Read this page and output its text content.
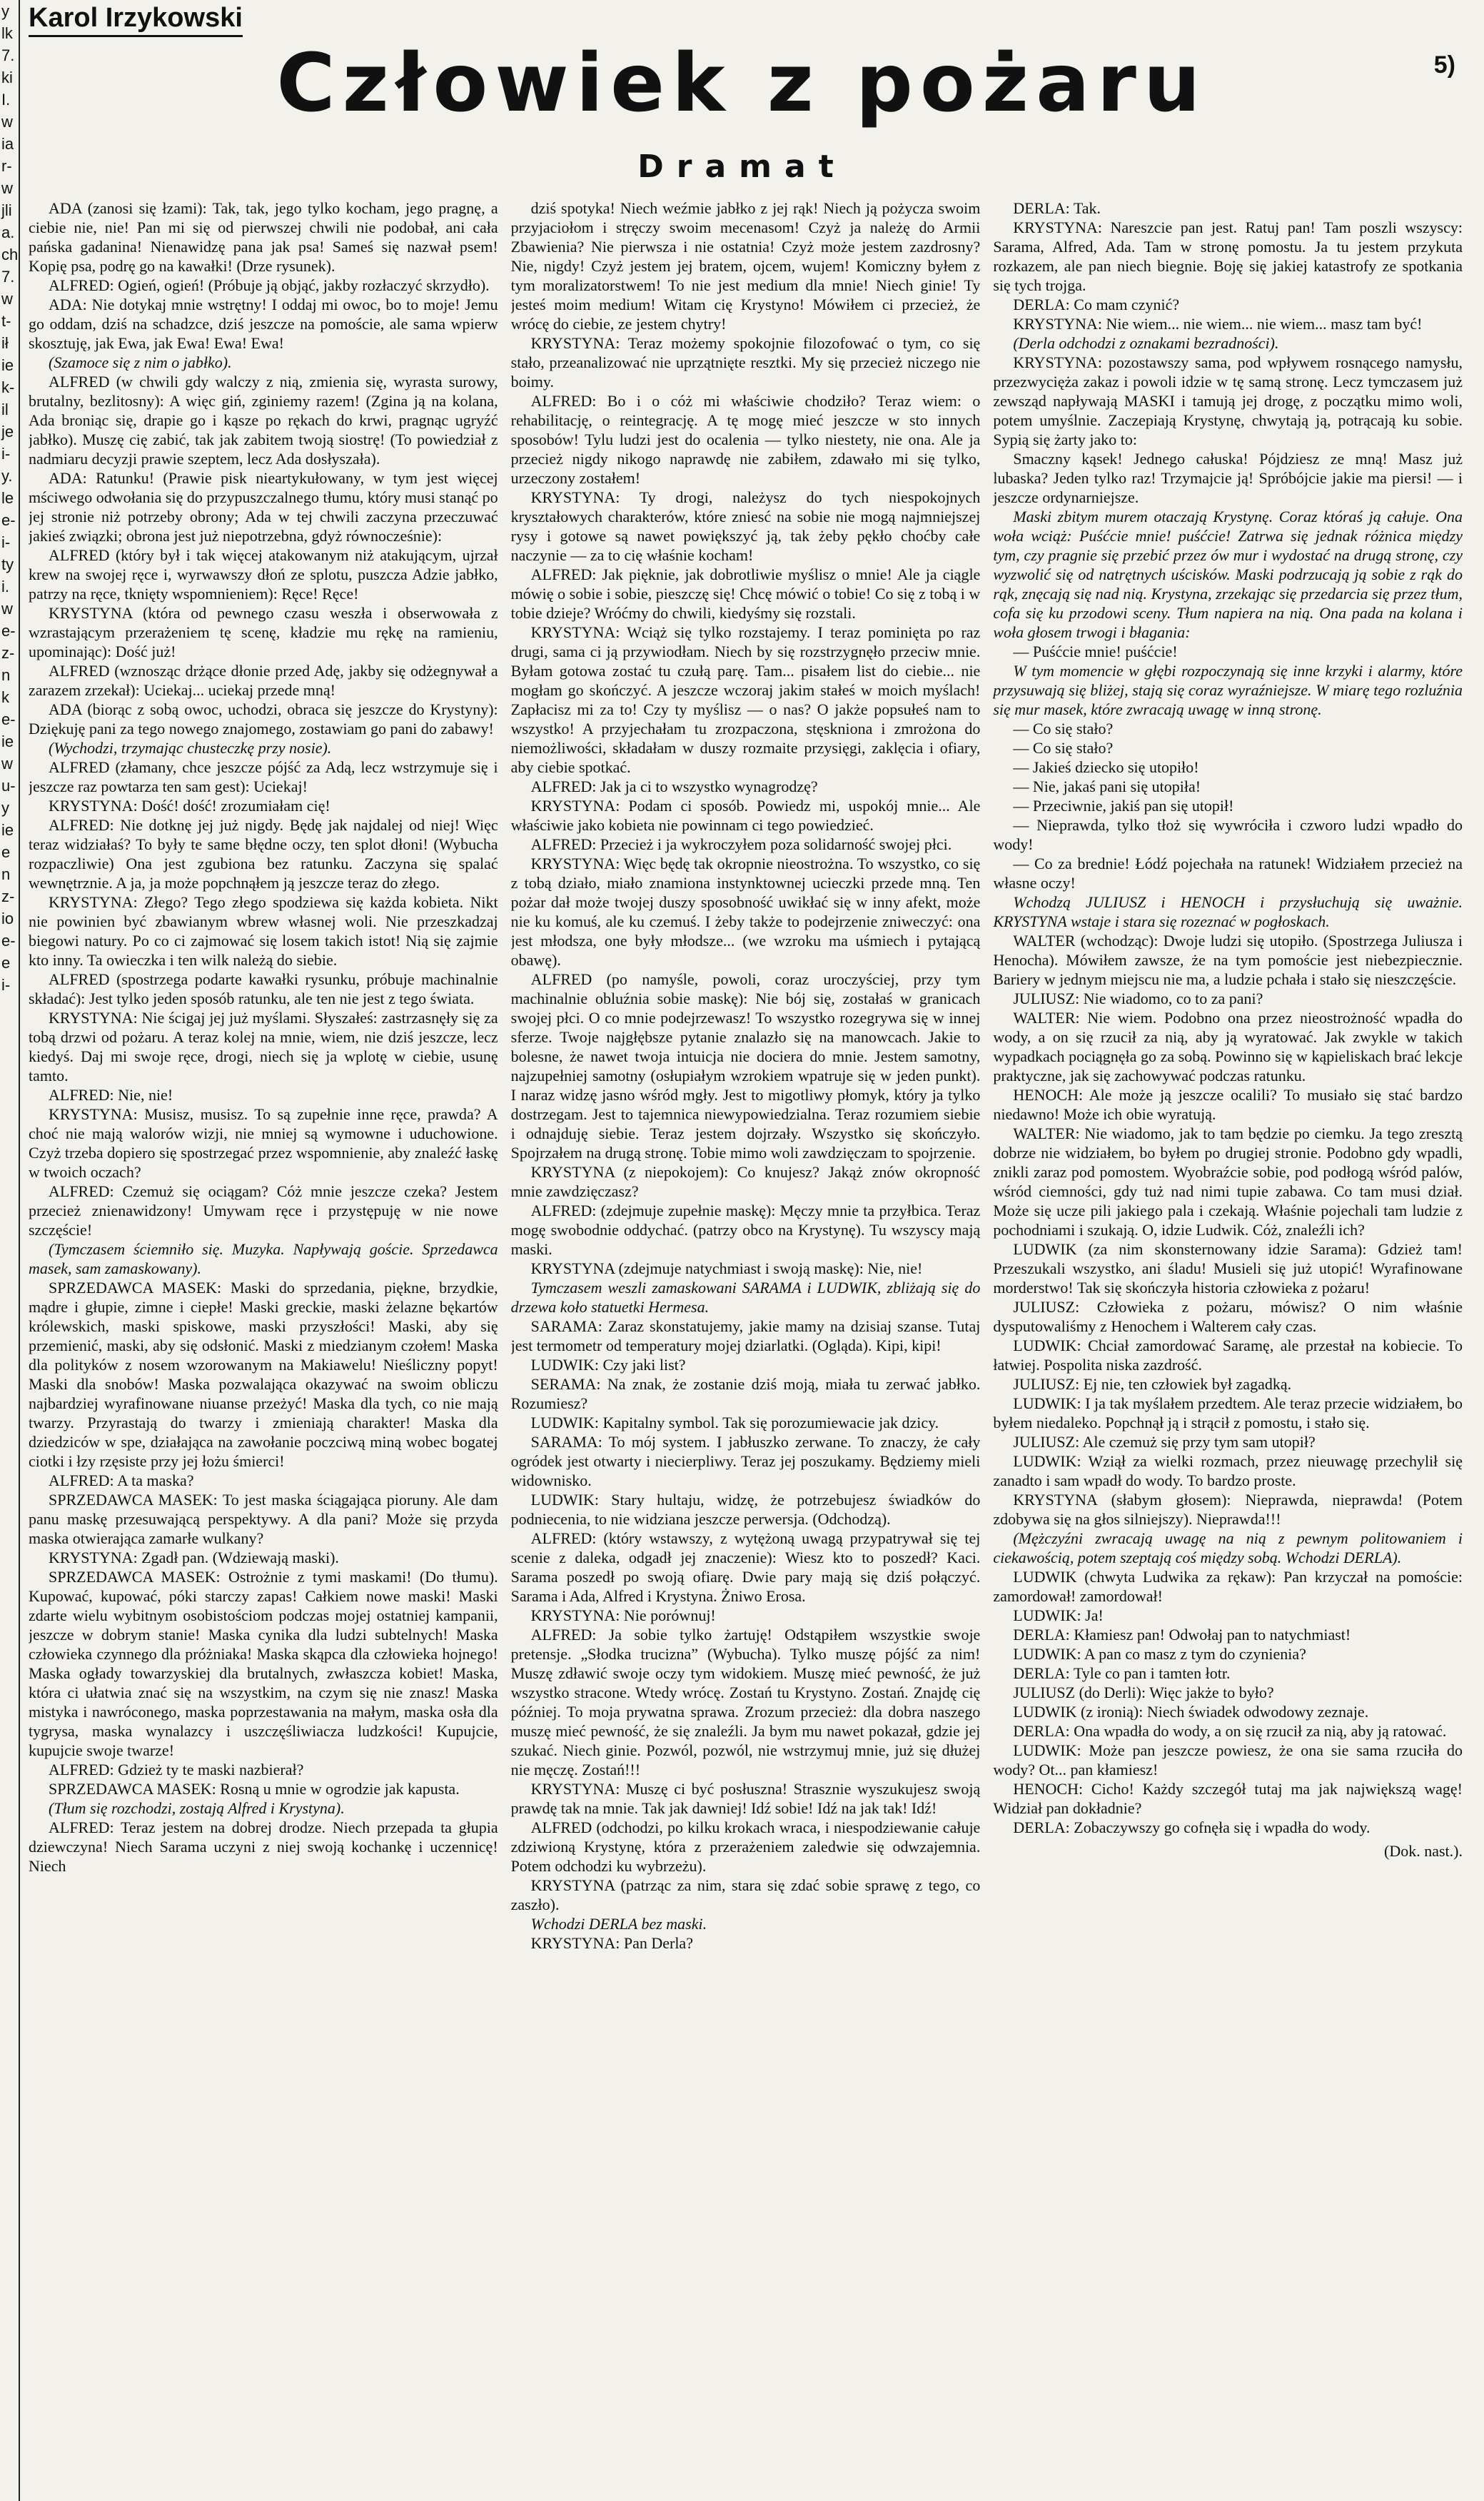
y
lk
7.
ki
I.
w
ia
r-
w
jli
a.
ch
7.
w
t-
ił
ie
k-
il
je
i-
y.
le
e-
i-
ty
i.
w
e-
z-
n
k
e-
ie
w
u-
y
ie
e
n
z-
io
e-
e
i-
Karol Irzykowski
5)
Człowiek z pożaru
Dramat

ADA (zanosi się łzami): Tak, tak, jego tylko kocham, jego pragnę, a ciebie nie, nie! Pan mi się od pierwszej chwili nie podobał, ani cała pańska gadanina! Nienawidzę pana jak psa! Sameś się nazwał psem! Kopię psa, podrę go na kawałki! (Drze rysunek).

ALFRED: Ogień, ogień! (Próbuje ją objąć, jakby rozłaczyć skrzydło).

ADA: Nie dotykaj mnie wstrętny! I oddaj mi owoc, bo to moje! Jemu go oddam, dziś na schadzce, dziś jeszcze na pomoście, ale sama wpierw skosztuję, jak Ewa, jak Ewa! Ewa! Ewa!

(Szamoce się z nim o jabłko).

ALFRED (w chwili gdy walczy z nią, zmienia się, wyrasta surowy, brutalny, bezlitosny): A więc giń, zginiemy razem! (Zgina ją na kolana, Ada broniąc się, drapie go i kąsze po rękach do krwi, pragnąc ugryźć jabłko). Muszę cię zabić, tak jak zabitem twoją siostrę! (To powiedział z nadmiaru decyzji prawie szeptem, lecz Ada dosłyszała).

ADA: Ratunku! (Prawie pisk nieartykułowany, w tym jest więcej mściwego odwołania się do przypuszczalnego tłumu, który musi stanąć po jej stronie niż potrzeby obrony; Ada w tej chwili zaczyna przeczuwać jakieś związki; obrona jest już niepotrzebna, gdyż równocześnie):

ALFRED (który był i tak więcej atakowanym niż atakującym, ujrzał krew na swojej ręce i, wyrwawszy dłoń ze splotu, puszcza Adzie jabłko, patrzy na ręce, tknięty wspomnieniem): Ręce! Ręce!

KRYSTYNA (która od pewnego czasu weszła i obserwowała z wzrastającym przerażeniem tę scenę, kładzie mu rękę na ramieniu, upominając): Dość już!

ALFRED (wznosząc drżące dłonie przed Adę, jakby się odżegnywał a zarazem zrzekał): Uciekaj... uciekaj przede mną!

ADA (biorąc z sobą owoc, uchodzi, obraca się jeszcze do Krystyny): Dziękuję pani za tego nowego znajomego, zostawiam go pani do zabawy!

(Wychodzi, trzymając chusteczkę przy nosie).

ALFRED (złamany, chce jeszcze pójść za Adą, lecz wstrzymuje się i jeszcze raz powtarza ten sam gest): Uciekaj!

KRYSTYNA: Dość! dość! zrozumiałam cię!

ALFRED: Nie dotknę jej już nigdy. Będę jak najdalej od niej! Więc teraz widziałaś? To były te same błędne oczy, ten splot dłoni! (Wybucha rozpaczliwie) Ona jest zgubiona bez ratunku. Zaczyna się spalać wewnętrznie. A ja, ja może popchnąłem ją jeszcze teraz do złego.

KRYSTYNA: Złego? Tego złego spodziewa się każda kobieta. Nikt nie powinien być zbawianym wbrew własnej woli. Nie przeszkadzaj biegowi natury. Po co ci zajmować się losem takich istot! Nią się zajmie kto inny. Ta owieczka i ten wilk należą do siebie.

ALFRED (spostrzega podarte kawałki rysunku, próbuje machinalnie składać): Jest tylko jeden sposób ratunku, ale ten nie jest z tego świata.

KRYSTYNA: Nie ścigaj jej już myślami. Słyszałeś: zastrzasnęły się za tobą drzwi od pożaru. A teraz kolej na mnie, wiem, nie dziś jeszcze, lecz kiedyś. Daj mi swoje ręce, drogi, niech się ja wplotę w ciebie, usunę tamto.

ALFRED: Nie, nie!

KRYSTYNA: Musisz, musisz. To są zupełnie inne ręce, prawda? A choć nie mają walorów wizji, nie mniej są wymowne i uduchowione. Czyż trzeba dopiero się spostrzegać przez wspomnienie, aby znaleźć łaskę w twoich oczach?

ALFRED: Czemuż się ociągam? Cóż mnie jeszcze czeka? Jestem przecież znienawidzony! Umywam ręce i przystępuję w nie nowe szczęście!

(Tymczasem ściemniło się. Muzyka. Napływają goście. Sprzedawca masek, sam zamaskowany).

SPRZEDAWCA MASEK: Maski do sprzedania, piękne, brzydkie, mądre i głupie, zimne i ciepłe! Maski greckie, maski żelazne bękartów królewskich, maski spiskowe, maski przyszłości! Maski, aby się przemienić, maski, aby się odsłonić. Maski z miedzianym czołem! Maska dla polityków z nosem wzorowanym na Makiawelu! Nieśliczny popyt! Maski dla snobów! Maska pozwalająca okazywać na swoim obliczu najbardziej wyrafinowane niuanse przeżyć! Maska dla tych, co nie mają twarzy. Przyrastają do twarzy i zmieniają charakter! Maska dla dziedziców w spe, działająca na zawołanie poczciwą miną wobec bogatej ciotki i łzy rzęsiste przy jej łożu śmierci!

ALFRED: A ta maska?

SPRZEDAWCA MASEK: To jest maska ściągająca pioruny. Ale dam panu maskę przesuwającą perspektywy. A dla pani? Może się przyda maska otwierająca zamarłe wulkany?

KRYSTYNA: Zgadł pan. (Wdziewają maski).

SPRZEDAWCA MASEK: Ostrożnie z tymi maskami! (Do tłumu). Kupować, kupować, póki starczy zapas! Całkiem nowe maski! Maski zdarte wielu wybitnym osobistościom podczas mojej ostatniej kampanii, jeszcze w dobrym stanie! Maska cynika dla ludzi subtelnych! Maska człowieka czynnego dla próżniaka! Maska skąpca dla człowieka hojnego! Maska ogłady towarzyskiej dla brutalnych, zwłaszcza kobiet! Maska, która ci ułatwia znać się na wszystkim, na czym się nie znasz! Maska mistyka i nawróconego, maska poprzestawania na małym, maska osła dla tygrysa, maska wynalazcy i uszczęśliwiacza ludzkości! Kupujcie, kupujcie swoje twarze!

ALFRED: Gdzież ty te maski nazbierał?

SPRZEDAWCA MASEK: Rosną u mnie w ogrodzie jak kapusta.

(Tłum się rozchodzi, zostają Alfred i Krystyna).

ALFRED: Teraz jestem na dobrej drodze. Niech przepada ta głupia dziewczyna! Niech Sarama uczyni z niej swoją kochankę i uczennicę! Niech

dziś spotyka! Niech weźmie jabłko z jej rąk! Niech ją pożycza swoim przyjaciołom i stręczy swoim mecenasom! Czyż ja należę do Armii Zbawienia? Nie pierwsza i nie ostatnia! Czyż może jestem zazdrosny? Nie, nigdy! Czyż jestem jej bratem, ojcem, wujem! Komiczny byłem z tym moralizatorstwem! To nie jest medium dla mnie! Niech ginie! Ty jesteś moim medium! Witam cię Krystyno! Mówiłem ci przecież, że wrócę do ciebie, ze jestem chytry!

KRYSTYNA: Teraz możemy spokojnie filozofować o tym, co się stało, przeanalizować nie uprzątnięte resztki. My się przecież niczego nie boimy.

ALFRED: Bo i o cóż mi właściwie chodziło? Teraz wiem: o rehabilitację, o reintegrację. A tę mogę mieć jeszcze w sto innych sposobów! Tylu ludzi jest do ocalenia — tylko niestety, nie ona. Ale ja przecież nigdy nikogo naprawdę nie zabiłem, zdawało mi się tylko, urzeczony zostałem!

KRYSTYNA: Ty drogi, należysz do tych niespokojnych kryształowych charakterów, które zniesć na sobie nie mogą najmniejszej rysy i gotowe są nawet powiększyć ją, tak żeby pękło choćby całe naczynie — za to cię właśnie kocham!

ALFRED: Jak pięknie, jak dobrotliwie myślisz o mnie! Ale ja ciągle mówię o sobie i sobie, pieszczę się! Chcę mówić o tobie! Co się z tobą i w tobie dzieje? Wróćmy do chwili, kiedyśmy się rozstali.

KRYSTYNA: Wciąż się tylko rozstajemy. I teraz pominięta po raz drugi, sama ci ją przywiodłam. Niech by się rozstrzygnęło przeciw mnie. Byłam gotowa zostać tu czułą parę. Tam... pisałem list do ciebie... nie mogłam go skończyć. A jeszcze wczoraj jakim stałeś w moich myślach! Zapłacisz mi za to! Czy ty myślisz — o nas? O jakże popsułeś nam to wszystko! A przyjechałam tu zrozpaczona, stęskniona i zmrożona do niemożliwości, składałam w duszy rozmaite przysięgi, zaklęcia i ofiary, aby ciebie spotkać.

ALFRED: Jak ja ci to wszystko wynagrodzę?

KRYSTYNA: Podam ci sposób. Powiedz mi, uspokój mnie... Ale właściwie jako kobieta nie powinnam ci tego powiedzieć.

ALFRED: Przecież i ja wykroczyłem poza solidarność swojej płci.

KRYSTYNA: Więc będę tak okropnie nieostrożna. To wszystko, co się z tobą działo, miało znamiona instynktownej ucieczki przede mną. Ten pożar dał może twojej duszy sposobność uwikłać się w inny afekt, może nie ku komuś, ale ku czemuś. I żeby także to podejrzenie zniweczyć: ona jest młodsza, one były młodsze... (we wzroku ma uśmiech i pytającą obawę).

ALFRED (po namyśle, powoli, coraz uroczyściej, przy tym machinalnie obluźnia sobie maskę): Nie bój się, zostałaś w granicach swojej płci. O co mnie podejrzewasz! To wszystko rozegrywa się w innej sferze. Twoje najgłębsze pytanie znalazło się na manowcach. Jakie to bolesne, że nawet twoja intuicja nie dociera do mnie. Jestem samotny, najzupełniej samotny (osłupiałym wzrokiem wpatruje się w jeden punkt). I naraz widzę jasno wśród mgły. Jest to migotliwy płomyk, który ja tylko dostrzegam. Jest to tajemnica niewypowiedzialna. Teraz rozumiem siebie i odnajduję siebie. Teraz jestem dojrzały. Wszystko się skończyło. Spojrzałem na drugą stronę. Tobie mimo woli zawdzięczam to spojrzenie.

KRYSTYNA (z niepokojem): Co knujesz? Jakąż znów okropność mnie zawdzięczasz?

ALFRED: (zdejmuje zupełnie maskę): Męczy mnie ta przyłbica. Teraz mogę swobodnie oddychać. (patrzy obco na Krystynę). Tu wszyscy mają maski.

KRYSTYNA (zdejmuje natychmiast i swoją maskę): Nie, nie!

Tymczasem weszli zamaskowani SARAMA i LUDWIK, zbliżają się do drzewa koło statuetki Hermesa.

SARAMA: Zaraz skonstatujemy, jakie mamy na dzisiaj szanse. Tutaj jest termometr od temperatury mojej dziarlatki. (Ogląda). Kipi, kipi!

LUDWIK: Czy jaki list?

SERAMA: Na znak, że zostanie dziś moją, miała tu zerwać jabłko. Rozumiesz?

LUDWIK: Kapitalny symbol. Tak się porozumiewacie jak dzicy.

SARAMA: To mój system. I jabłuszko zerwane. To znaczy, że cały ogródek jest otwarty i niecierpliwy. Teraz jej poszukamy. Będziemy mieli widownisko.

LUDWIK: Stary hultaju, widzę, że potrzebujesz świadków do podniecenia, to nie widziana jeszcze perwersja. (Odchodzą).

ALFRED: (który wstawszy, z wytężoną uwagą przypatrywał się tej scenie z daleka, odgadł jej znaczenie): Wiesz kto to poszedł? Kaci. Sarama poszedł po swoją ofiarę. Dwie pary mają się dziś połączyć. Sarama i Ada, Alfred i Krystyna. Żniwo Erosa.

KRYSTYNA: Nie porównuj!

ALFRED: Ja sobie tylko żartuję! Odstąpiłem wszystkie swoje pretensje. „Słodka trucizna” (Wybucha). Tylko muszę pójść za nim! Muszę zdławić swoje oczy tym widokiem. Muszę mieć pewność, że już wszystko stracone. Wtedy wrócę. Zostań tu Krystyno. Zostań. Znajdę cię później. To moja prywatna sprawa. Zrozum przecież: dla dobra naszego muszę mieć pewność, że się znaleźli. Ja bym mu nawet pokazał, gdzie jej szukać. Niech ginie. Pozwól, pozwól, nie wstrzymuj mnie, już się dłużej nie męczę. Zostań!!!

KRYSTYNA: Muszę ci być posłuszna! Strasznie wyszukujesz swoją prawdę tak na mnie. Tak jak dawniej! Idź sobie! Idź na jak tak! Idź!

ALFRED (odchodzi, po kilku krokach wraca, i niespodziewanie całuje zdziwioną Krystynę, która z przerażeniem zaledwie się odwzajemnia. Potem odchodzi ku wybrzeżu).

KRYSTYNA (patrząc za nim, stara się zdać sobie sprawę z tego, co zaszło).

Wchodzi DERLA bez maski.

KRYSTYNA: Pan Derla?

DERLA: Tak.

KRYSTYNA: Nareszcie pan jest. Ratuj pan! Tam poszli wszyscy: Sarama, Alfred, Ada. Tam w stronę pomostu. Ja tu jestem przykuta rozkazem, ale pan niech biegnie. Boję się jakiej katastrofy ze spotkania się tych trojga.

DERLA: Co mam czynić?

KRYSTYNA: Nie wiem... nie wiem... nie wiem... masz tam być!

(Derla odchodzi z oznakami bezradności).

KRYSTYNA: pozostawszy sama, pod wpływem rosnącego namysłu, przezwycięża zakaz i powoli idzie w tę samą stronę. Lecz tymczasem już zewsząd napływają MASKI i tamują jej drogę, z początku mimo woli, potem umyślnie. Zaczepiają Krystynę, chwytają ją, potrącają ku sobie. Sypią się żarty jako to:

Smaczny kąsek! Jednego całuska! Pójdziesz ze mną! Masz już lubaska? Jeden tylko raz! Trzymajcie ją! Spróbójcie jakie ma piersi! — i jeszcze ordynarniejsze.

Maski zbitym murem otaczają Krystynę. Coraz któraś ją całuje. Ona woła wciąż: Puśćcie mnie! puśćcie! Zatrwa się jednak różnica między tym, czy pragnie się przebić przez ów mur i wydostać na drugą stronę, czy wyzwolić się od natrętnych uścisków. Maski podrzucają ją sobie z rąk do rąk, znęcają się nad nią. Krystyna, zrzekając się przedarcia się przez tłum, cofa się ku przodowi sceny. Tłum napiera na nią. Ona pada na kolana i woła głosem trwogi i błagania:

— Puśćcie mnie! puśćcie!

W tym momencie w głębi rozpoczynają się inne krzyki i alarmy, które przysuwają się bliżej, stają się coraz wyraźniejsze. W miarę tego rozluźnia się mur masek, które zwracają uwagę w inną stronę.

— Co się stało?

— Co się stało?

— Jakieś dziecko się utopiło!

— Nie, jakaś pani się utopiła!

— Przeciwnie, jakiś pan się utopił!

— Nieprawda, tylko tłoż się wywróciła i czworo ludzi wpadło do wody!

— Co za bredniе! Łódź pojechała na ratunek! Widziałem przecież na własne oczy!

Wchodzą JULIUSZ i HENOCH i przysłuchują się uważnie. KRYSTYNA wstaje i stara się rozeznać w pogłoskach.

WALTER (wchodząc): Dwoje ludzi się utopiło. (Spostrzega Juliusza i Henocha). Mówiłem zawsze, że na tym pomoście jest niebezpiecznie. Bariery w jednym miejscu nie ma, a ludzie pchała i stało się nieszczęście.

JULIUSZ: Nie wiadomo, co to za pani?

WALTER: Nie wiem. Podobno ona przez nieostrożność wpadła do wody, a on się rzucił za nią, aby ją wyratować. Jak zwykle w takich wypadkach pociągnęła go za sobą. Powinno się w kąpieliskach brać lekcje praktyczne, jak się zachowywać podczas ratunku.

HENOCH: Ale może ją jeszcze ocalili? To musiało się stać bardzo niedawno! Może ich obie wyratują.

WALTER: Nie wiadomo, jak to tam będzie po ciemku. Ja tego zresztą dobrze nie widziałem, bo byłem po drugiej stronie. Podobno gdy wpadli, znikli zaraz pod pomostem. Wyobraźcie sobie, pod podłogą wśród palów, wśród ciemności, gdy tuż nad nimi tupie zabawa. Co tam musi dział. Może się ucze pili jakiego pala i czekają. Właśnie pojechali tam ludzie z pochodniami i szukają. O, idzie Ludwik. Cóż, znaleźli ich?

LUDWIK (za nim skonsternowany idzie Sarama): Gdzież tam! Przeszukali wszystko, ani śladu! Musieli się już utopić! Wyrafinowane morderstwo! Tak się skończyła historia człowieka z pożaru!

JULIUSZ: Człowieka z pożaru, mówisz? O nim właśnie dysputowaliśmy z Henochem i Walterem cały czas.

LUDWIK: Chciał zamordować Saramę, ale przestał na kobiecie. To łatwiej. Pospolita niska zazdrość.

JULIUSZ: Ej nie, ten człowiek był zagadką.

LUDWIK: I ja tak myślałem przedtem. Ale teraz przecie widziałem, bo byłem niedaleko. Popchnął ją i strącił z pomostu, i stało się.

JULIUSZ: Ale czemuż się przy tym sam utopił?

LUDWIK: Wziął za wielki rozmach, przez nieuwagę przechylił się zanadto i sam wpadł do wody. To bardzo proste.

KRYSTYNA (słabym głosem): Nieprawda, nieprawda! (Potem zdobywa się na głos silniejszy). Nieprawda!!!

(Mężczyźni zwracają uwagę na nią z pewnym politowaniem i ciekawością, potem szeptają coś między sobą. Wchodzi DERLA).

LUDWIK (chwyta Ludwika za rękaw): Pan krzyczał na pomoście: zamordował! zamordował!

LUDWIK: Ja!

DERLA: Kłamiesz pan! Odwołaj pan to natychmiast!

LUDWIK: A pan co masz z tym do czynienia?

DERLA: Tyle co pan i tamten łotr.

JULIUSZ (do Derli): Więc jakże to było?

LUDWIK (z ironią): Niech świadek odwodowy zeznaje.

DERLA: Ona wpadła do wody, a on się rzucił za nią, aby ją ratować.

LUDWIK: Może pan jeszcze powiesz, że ona sie sama rzuciła do wody? Ot... pan kłamiesz!

HENOCH: Cicho! Każdy szczegół tutaj ma jak największą wagę! Widział pan dokładnie?

DERLA: Zobaczywszy go cofnęła się i wpadła do wody.

(Dok. nast.).
